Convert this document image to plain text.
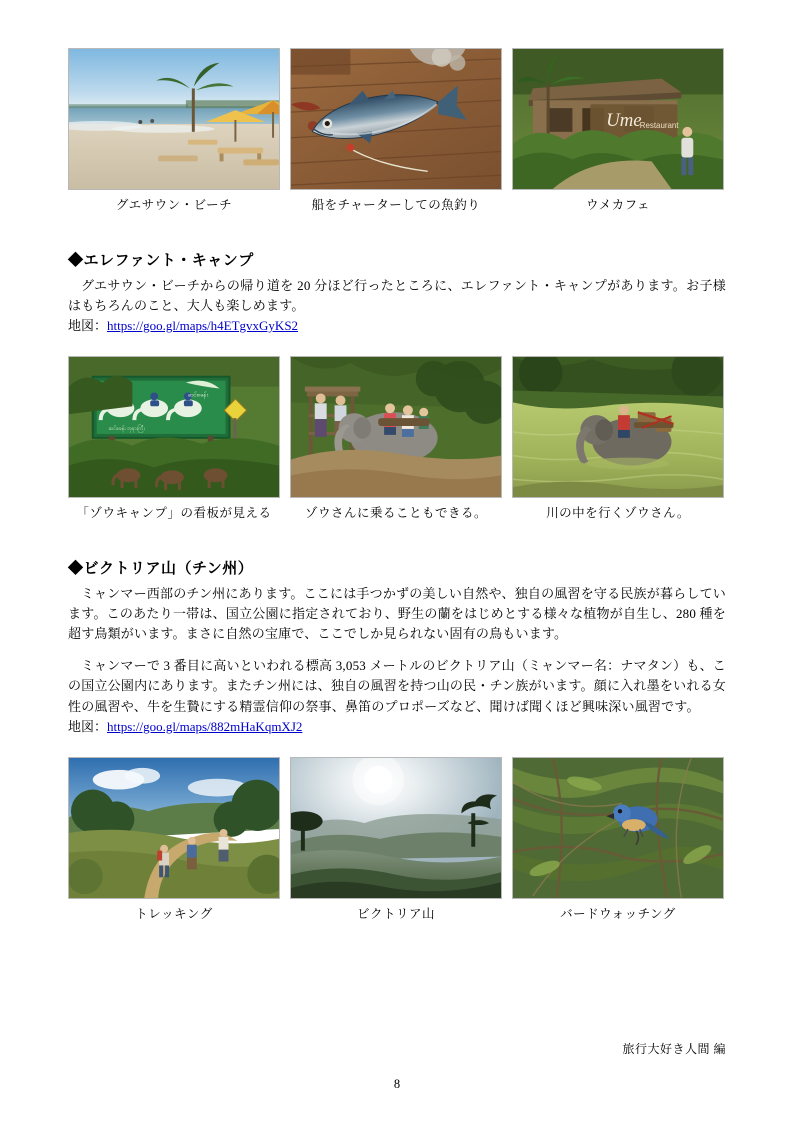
グエサウン・ビーチ	船をチャーターしての魚釣り
Ume
Restaurant
ウメカフェ
◆エレファント・キャンプ

グエサウン・ビーチからの帰り道を 20 分ほど行ったところに、エレファント・キャンプがあります。お子様はもちろんのこと、大人も楽しめます。

地図：https://goo.gl/maps/h4ETgvxGyKS2

ဆင်စခန်း
ဆင်စခန်း ဘုရားကြီး
「ゾウキャンプ」の看板が見える	ゾウさんに乗ることもできる。	川の中を行くゾウさん。
◆ビクトリア山（チン州）

ミャンマー西部のチン州にあります。ここには手つかずの美しい自然や、独自の風習を守る民族が暮らしています。このあたり一帯は、国立公園に指定されており、野生の蘭をはじめとする様々な植物が自生し、280 種を超す鳥類がいます。まさに自然の宝庫で、ここでしか見られない固有の鳥もいます。

ミャンマーで 3 番目に高いといわれる標高 3,053 メートルのビクトリア山（ミャンマー名：ナマタン）も、この国立公園内にあります。またチン州には、独自の風習を持つ山の民・チン族がいます。顔に入れ墨をいれる女性の風習や、牛を生贄にする精霊信仰の祭事、鼻笛のプロポーズなど、聞けば聞くほど興味深い風習です。

地図：https://goo.gl/maps/882mHaKqmXJ2

トレッキング	ビクトリア山	バードウォッチング
旅行大好き人間 編
8
